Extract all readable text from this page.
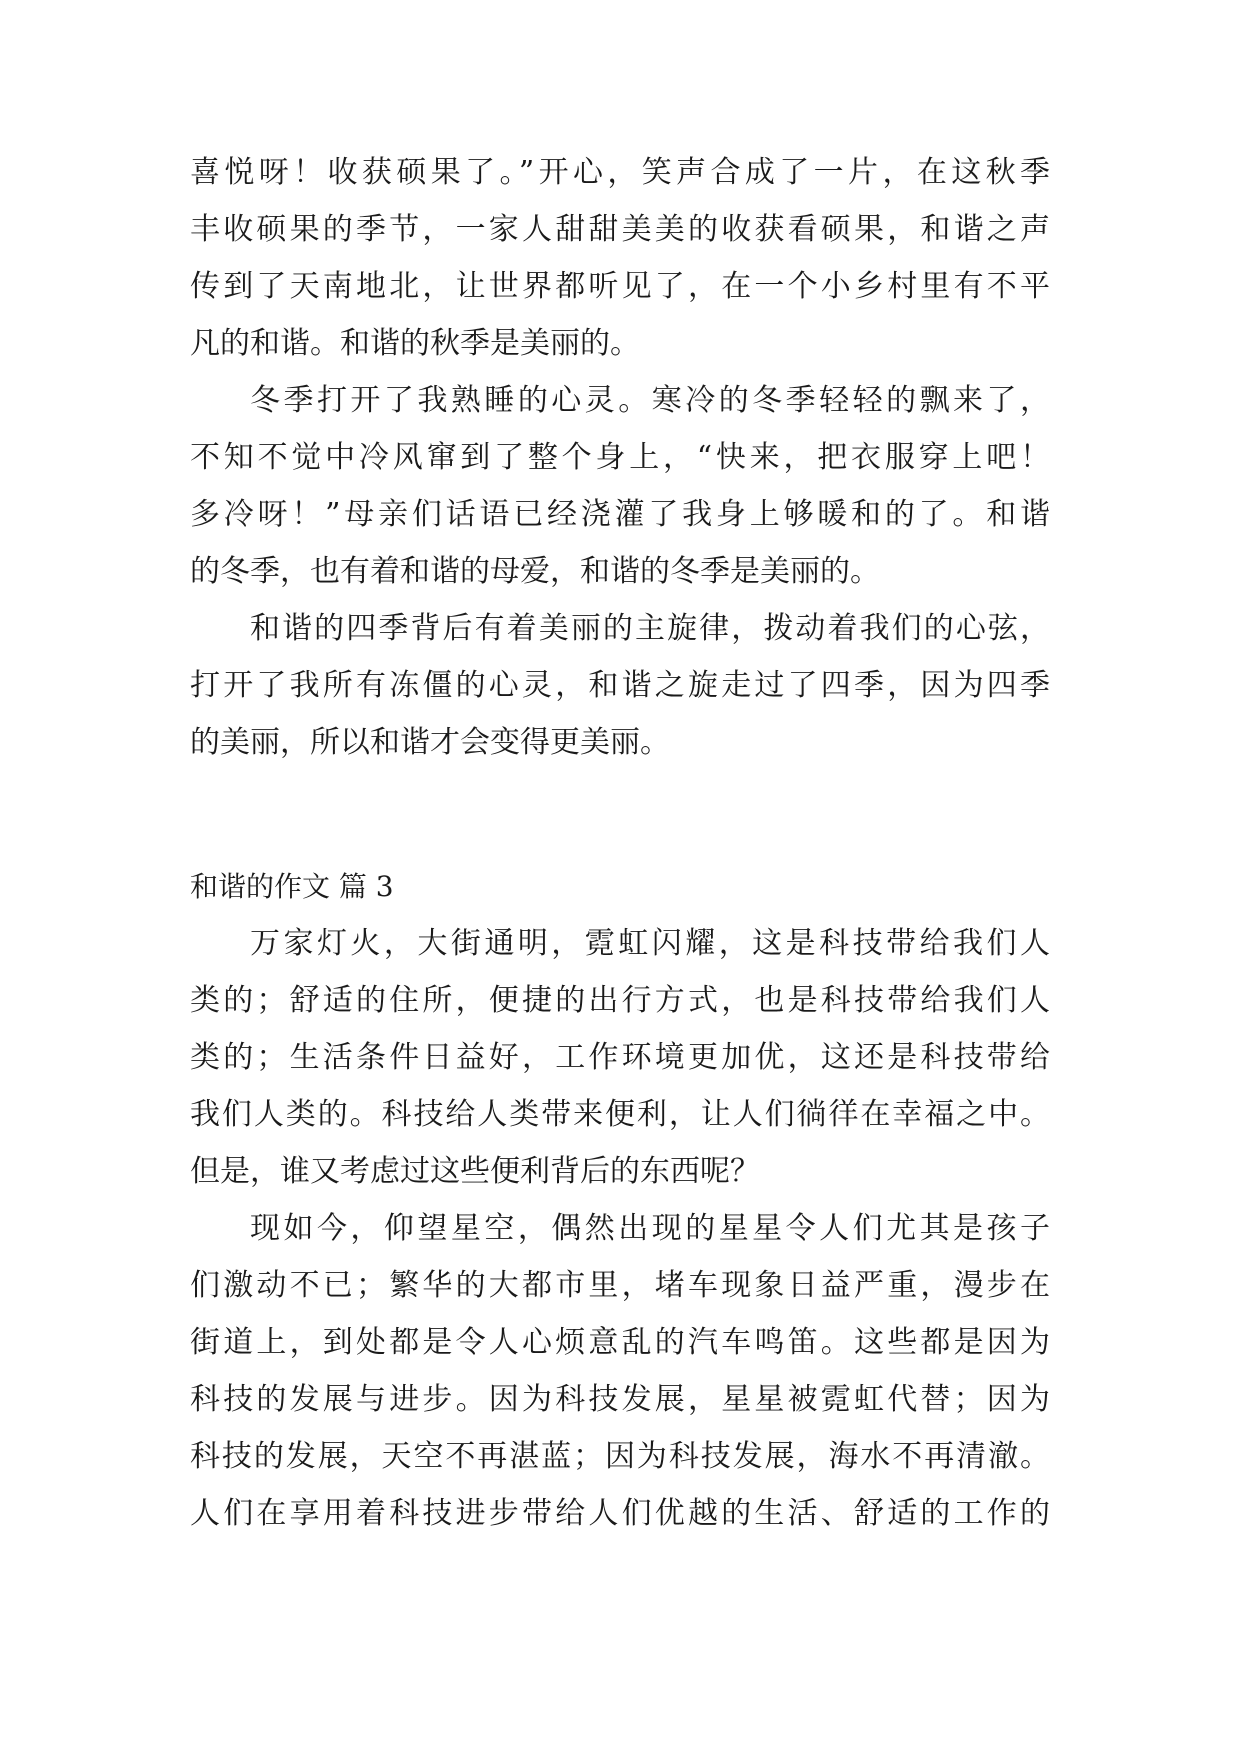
喜悦呀！收获硕果了。”开心，笑声合成了一片，在这秋季
丰收硕果的季节，一家人甜甜美美的收获看硕果，和谐之声
传到了天南地北，让世界都听见了，在一个小乡村里有不平
凡的和谐。和谐的秋季是美丽的。
冬季打开了我熟睡的心灵。寒冷的冬季轻轻的飘来了，
不知不觉中冷风窜到了整个身上，“快来，把衣服穿上吧！
多冷呀！”母亲们话语已经浇灌了我身上够暖和的了。和谐
的冬季，也有着和谐的母爱，和谐的冬季是美丽的。
和谐的四季背后有着美丽的主旋律，拨动着我们的心弦，
打开了我所有冻僵的心灵，和谐之旋走过了四季，因为四季
的美丽，所以和谐才会变得更美丽。
和谐的作文 篇 3
万家灯火，大街通明，霓虹闪耀，这是科技带给我们人
类的；舒适的住所，便捷的出行方式，也是科技带给我们人
类的；生活条件日益好，工作环境更加优，这还是科技带给
我们人类的。科技给人类带来便利，让人们徜徉在幸福之中。
但是，谁又考虑过这些便利背后的东西呢？
现如今，仰望星空，偶然出现的星星令人们尤其是孩子
们激动不已；繁华的大都市里，堵车现象日益严重，漫步在
街道上，到处都是令人心烦意乱的汽车鸣笛。这些都是因为
科技的发展与进步。因为科技发展，星星被霓虹代替；因为
科技的发展，天空不再湛蓝；因为科技发展，海水不再清澈。
人们在享用着科技进步带给人们优越的生活、舒适的工作的
